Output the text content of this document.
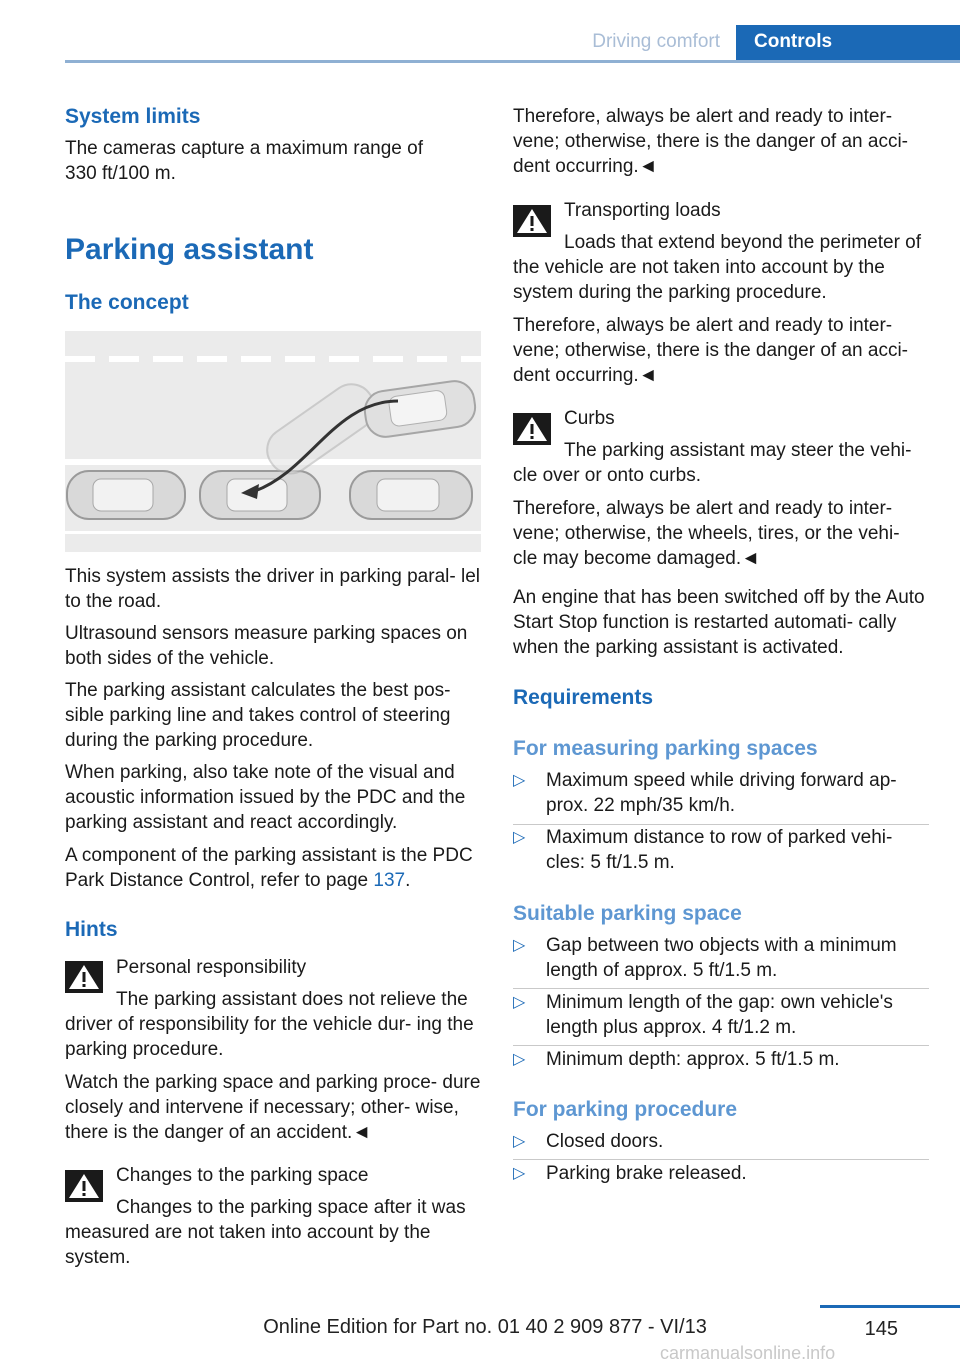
Driving comfort	Controls
System limits

The cameras capture a maximum range of 330 ft/100 m.

Parking assistant
The concept

This system assists the driver in parking paral- lel to the road.

Ultrasound sensors measure parking spaces on both sides of the vehicle.

The parking assistant calculates the best pos- sible parking line and takes control of steering during the parking procedure.

When parking, also take note of the visual and acoustic information issued by the PDC and the parking assistant and react accordingly.

A component of the parking assistant is the PDC Park Distance Control, refer to page 137.

Hints

Personal responsibility

The parking assistant does not relieve the driver of responsibility for the vehicle dur- ing the parking procedure.

Watch the parking space and parking proce- dure closely and intervene if necessary; other- wise, there is the danger of an accident.◄

Changes to the parking space

Changes to the parking space after it was measured are not taken into account by the system.

Therefore, always be alert and ready to inter- vene; otherwise, there is the danger of an acci- dent occurring.◄

Transporting loads

Loads that extend beyond the perimeter of the vehicle are not taken into account by the system during the parking procedure.

Therefore, always be alert and ready to inter- vene; otherwise, there is the danger of an acci- dent occurring.◄

Curbs

The parking assistant may steer the vehi- cle over or onto curbs.

Therefore, always be alert and ready to inter- vene; otherwise, the wheels, tires, or the vehi- cle may become damaged.◄

An engine that has been switched off by the Auto Start Stop function is restarted automati- cally when the parking assistant is activated.

Requirements
For measuring parking spaces
▷ Maximum speed while driving forward ap- prox. 22 mph/35 km/h.
▷ Maximum distance to row of parked vehi- cles: 5 ft/1.5 m.
Suitable parking space
▷ Gap between two objects with a minimum length of approx. 5 ft/1.5 m.
▷ Minimum length of the gap: own vehicle's length plus approx. 4 ft/1.2 m.
▷ Minimum depth: approx. 5 ft/1.5 m.
For parking procedure
▷ Closed doors.
▷ Parking brake released.
Online Edition for Part no. 01 40 2 909 877 - VI/13	145
carmanualsonline.info
